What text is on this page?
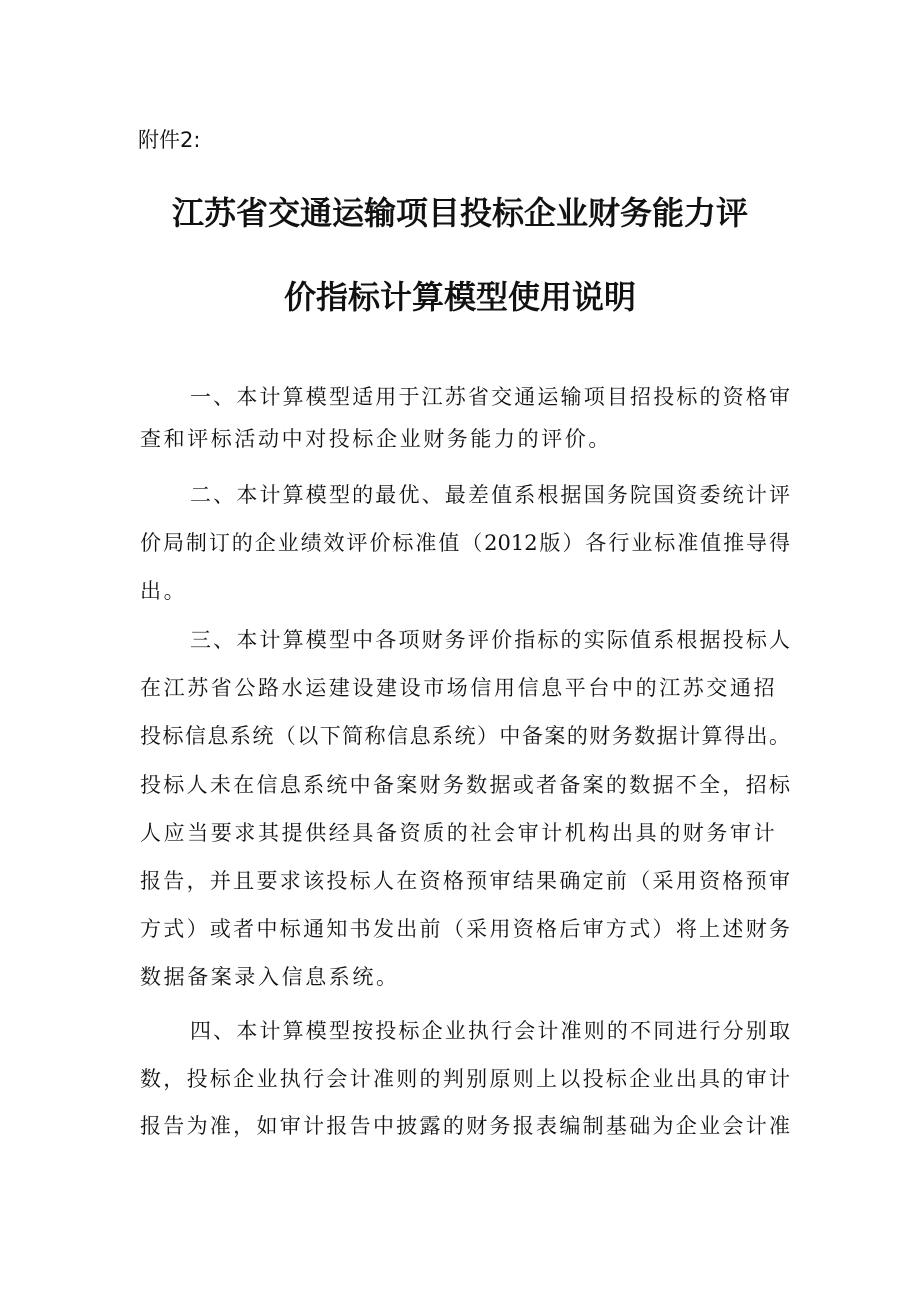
附件2:
江苏省交通运输项目投标企业财务能力评
价指标计算模型使用说明
一、本计算模型适用于江苏省交通运输项目招投标的资格审
查和评标活动中对投标企业财务能力的评价。
二、本计算模型的最优、最差值系根据国务院国资委统计评
价局制订的企业绩效评价标准值（2012版）各行业标准值推导得
出。
三、本计算模型中各项财务评价指标的实际值系根据投标人
在江苏省公路水运建设建设市场信用信息平台中的江苏交通招
投标信息系统（以下简称信息系统）中备案的财务数据计算得出。
投标人未在信息系统中备案财务数据或者备案的数据不全，招标
人应当要求其提供经具备资质的社会审计机构出具的财务审计
报告，并且要求该投标人在资格预审结果确定前（采用资格预审
方式）或者中标通知书发出前（采用资格后审方式）将上述财务
数据备案录入信息系统。
四、本计算模型按投标企业执行会计准则的不同进行分别取
数，投标企业执行会计准则的判别原则上以投标企业出具的审计
报告为准，如审计报告中披露的财务报表编制基础为企业会计准
